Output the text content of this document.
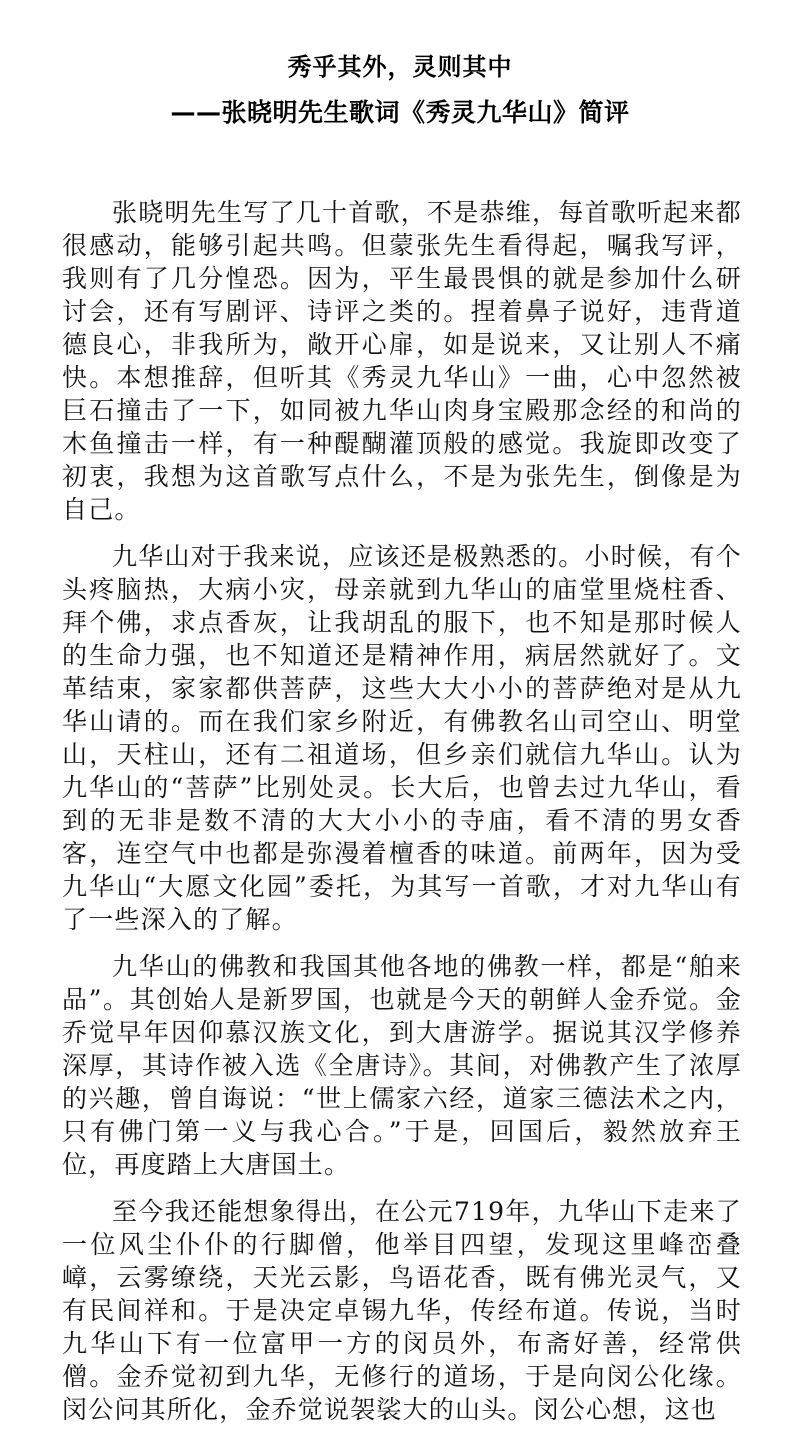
秀乎其外，灵则其中
——张晓明先生歌词《秀灵九华山》简评

张晓明先生写了几十首歌，不是恭维，每首歌听起来都很感动，能够引起共鸣。但蒙张先生看得起，嘱我写评，我则有了几分惶恐。因为，平生最畏惧的就是参加什么研讨会，还有写剧评、诗评之类的。捏着鼻子说好，违背道德良心，非我所为，敞开心扉，如是说来，又让别人不痛快。本想推辞，但听其《秀灵九华山》一曲，心中忽然被巨石撞击了一下，如同被九华山肉身宝殿那念经的和尚的木鱼撞击一样，有一种醍醐灌顶般的感觉。我旋即改变了初衷，我想为这首歌写点什么，不是为张先生，倒像是为自己。

九华山对于我来说，应该还是极熟悉的。小时候，有个头疼脑热，大病小灾，母亲就到九华山的庙堂里烧柱香、拜个佛，求点香灰，让我胡乱的服下，也不知是那时候人的生命力强，也不知道还是精神作用，病居然就好了。文革结束，家家都供菩萨，这些大大小小的菩萨绝对是从九华山请的。而在我们家乡附近，有佛教名山司空山、明堂山，天柱山，还有二祖道场，但乡亲们就信九华山。认为九华山的“菩萨”比别处灵。长大后，也曾去过九华山，看到的无非是数不清的大大小小的寺庙，看不清的男女香客，连空气中也都是弥漫着檀香的味道。前两年，因为受九华山“大愿文化园”委托，为其写一首歌，才对九华山有了一些深入的了解。

九华山的佛教和我国其他各地的佛教一样，都是“舶来品”。其创始人是新罗国，也就是今天的朝鲜人金乔觉。金乔觉早年因仰慕汉族文化，到大唐游学。据说其汉学修养深厚，其诗作被入选《全唐诗》。其间，对佛教产生了浓厚的兴趣，曾自诲说：“世上儒家六经，道家三德法术之内，只有佛门第一义与我心合。”于是，回国后，毅然放弃王位，再度踏上大唐国土。

至今我还能想象得出，在公元719年，九华山下走来了一位风尘仆仆的行脚僧，他举目四望，发现这里峰峦叠嶂，云雾缭绕，天光云影，鸟语花香，既有佛光灵气，又有民间祥和。于是决定卓锡九华，传经布道。传说，当时九华山下有一位富甲一方的闵员外，布斋好善，经常供僧。金乔觉初到九华，无修行的道场，于是向闵公化缘。闵公问其所化，金乔觉说袈裟大的山头。闵公心想，这也
